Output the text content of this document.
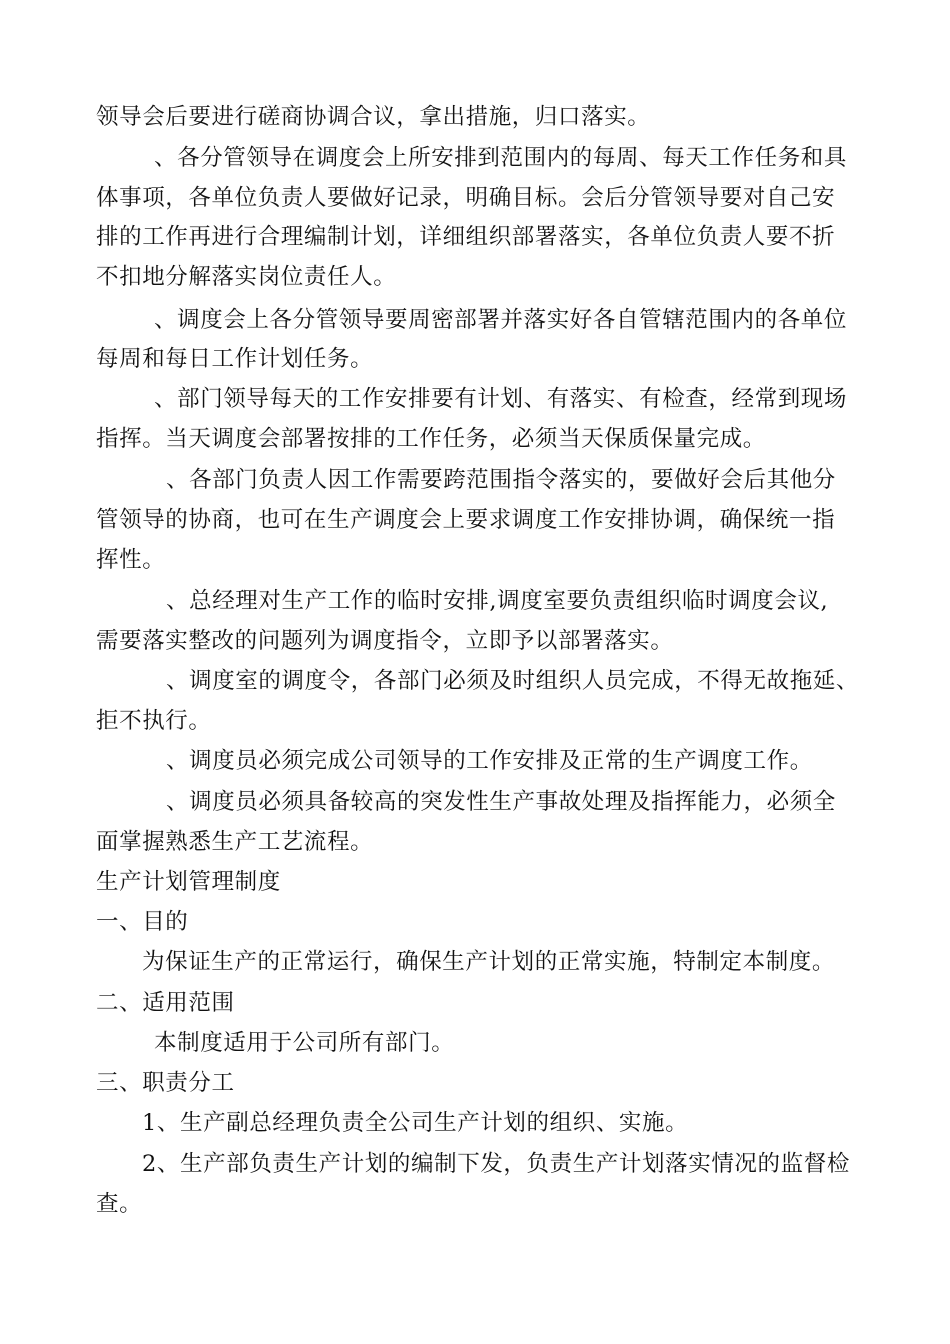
领导会后要进行磋商协调合议，拿出措施，归口落实。
、各分管领导在调度会上所安排到范围内的每周、每天工作任务和具
体事项，各单位负责人要做好记录，明确目标。会后分管领导要对自己安
排的工作再进行合理编制计划，详细组织部署落实，各单位负责人要不折
不扣地分解落实岗位责任人。
、调度会上各分管领导要周密部署并落实好各自管辖范围内的各单位
每周和每日工作计划任务。
、部门领导每天的工作安排要有计划、有落实、有检查，经常到现场
指挥。当天调度会部署按排的工作任务，必须当天保质保量完成。
、各部门负责人因工作需要跨范围指令落实的，要做好会后其他分
管领导的协商，也可在生产调度会上要求调度工作安排协调，确保统一指
挥性。
、总经理对生产工作的临时安排,调度室要负责组织临时调度会议,
需要落实整改的问题列为调度指令，立即予以部署落实。
、调度室的调度令，各部门必须及时组织人员完成，不得无故拖延、
拒不执行。
、调度员必须完成公司领导的工作安排及正常的生产调度工作。
、调度员必须具备较高的突发性生产事故处理及指挥能力，必须全
面掌握熟悉生产工艺流程。
生产计划管理制度
一、目的
为保证生产的正常运行，确保生产计划的正常实施，特制定本制度。
二、适用范围
本制度适用于公司所有部门。
三、职责分工
1、生产副总经理负责全公司生产计划的组织、实施。
2、生产部负责生产计划的编制下发，负责生产计划落实情况的监督检
查。
